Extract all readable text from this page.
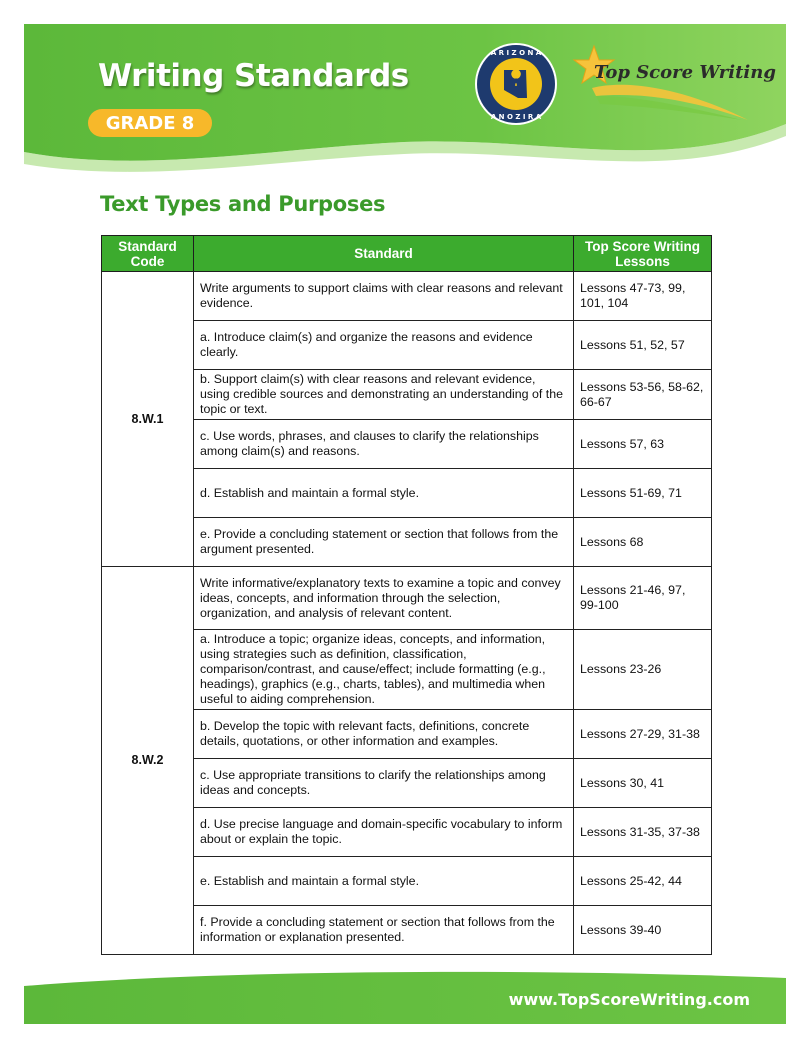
Writing Standards
GRADE 8
A R I Z O N A
A N O Z I R A
Top Score Writing
Text Types and Purposes
Standard Code	Standard	Top Score Writing Lessons
8.W.1	Write arguments to support claims with clear reasons and relevant evidence.	Lessons 47-73, 99, 101, 104
	a. Introduce claim(s) and organize the reasons and evidence clearly.	Lessons 51, 52, 57
	b. Support claim(s) with clear reasons and relevant evidence, using credible sources and demonstrating an understanding of the topic or text.	Lessons 53-56, 58-62, 66-67
	c. Use words, phrases, and clauses to clarify the relationships among claim(s) and reasons.	Lessons 57, 63
	d. Establish and maintain a formal style.	Lessons 51-69, 71
	e. Provide a concluding statement or section that follows from the argument presented.	Lessons 68
8.W.2	Write informative/explanatory texts to examine a topic and convey ideas, concepts, and information through the selection, organization, and analysis of relevant content.	Lessons 21-46, 97, 99-100
	a. Introduce a topic; organize ideas, concepts, and information, using strategies such as definition, classification, comparison/contrast, and cause/effect; include formatting (e.g., headings), graphics (e.g., charts, tables), and multimedia when useful to aiding comprehension.	Lessons 23-26
	b. Develop the topic with relevant facts, definitions, concrete details, quotations, or other information and examples.	Lessons 27-29, 31-38
	c. Use appropriate transitions to clarify the relationships among ideas and concepts.	Lessons 30, 41
	d. Use precise language and domain-specific vocabulary to inform about or explain the topic.	Lessons 31-35, 37-38
	e. Establish and maintain a formal style.	Lessons 25-42, 44
	f. Provide a concluding statement or section that follows from the information or explanation presented.	Lessons 39-40
www.TopScoreWriting.com
